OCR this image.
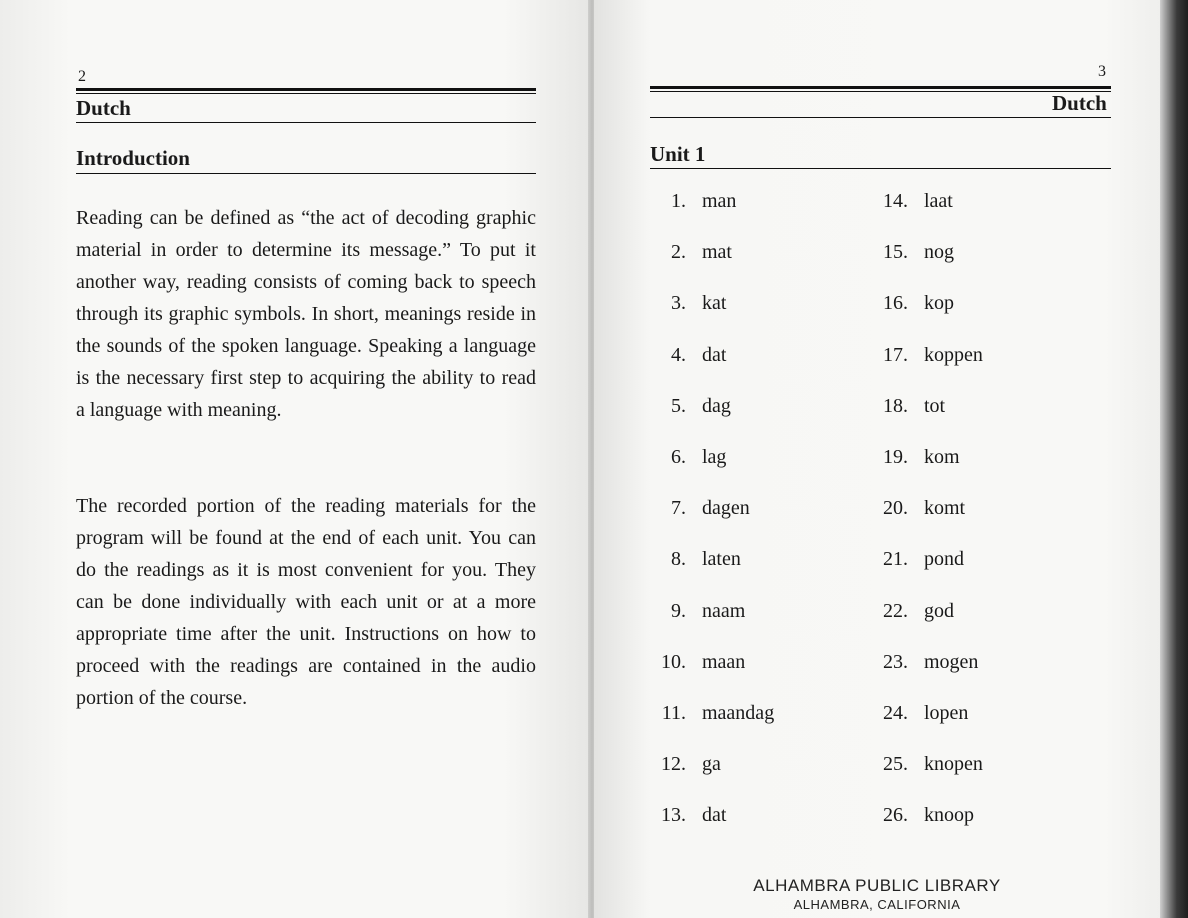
2
Dutch
Introduction
Reading can be defined as “the act of decoding graphic material in order to determine its message.” To put it another way, reading consists of coming back to speech through its graphic symbols. In short, meanings reside in the sounds of the spoken language. Speaking a language is the necessary first step to acquiring the ability to read a language with meaning.
The recorded portion of the reading materials for the program will be found at the end of each unit. You can do the readings as it is most convenient for you. They can be done individually with each unit or at a more appropriate time after the unit. Instructions on how to proceed with the readings are contained in the audio portion of the course.
3
Dutch
Unit 1
1. man
2. mat
3. kat
4. dat
5. dag
6. lag
7. dagen
8. laten
9. naam
10. maan
11. maandag
12. ga
13. dat
14. laat
15. nog
16. kop
17. koppen
18. tot
19. kom
20. komt
21. pond
22. god
23. mogen
24. lopen
25. knopen
26. knoop
ALHAMBRA PUBLIC LIBRARY
ALHAMBRA, CALIFORNIA
